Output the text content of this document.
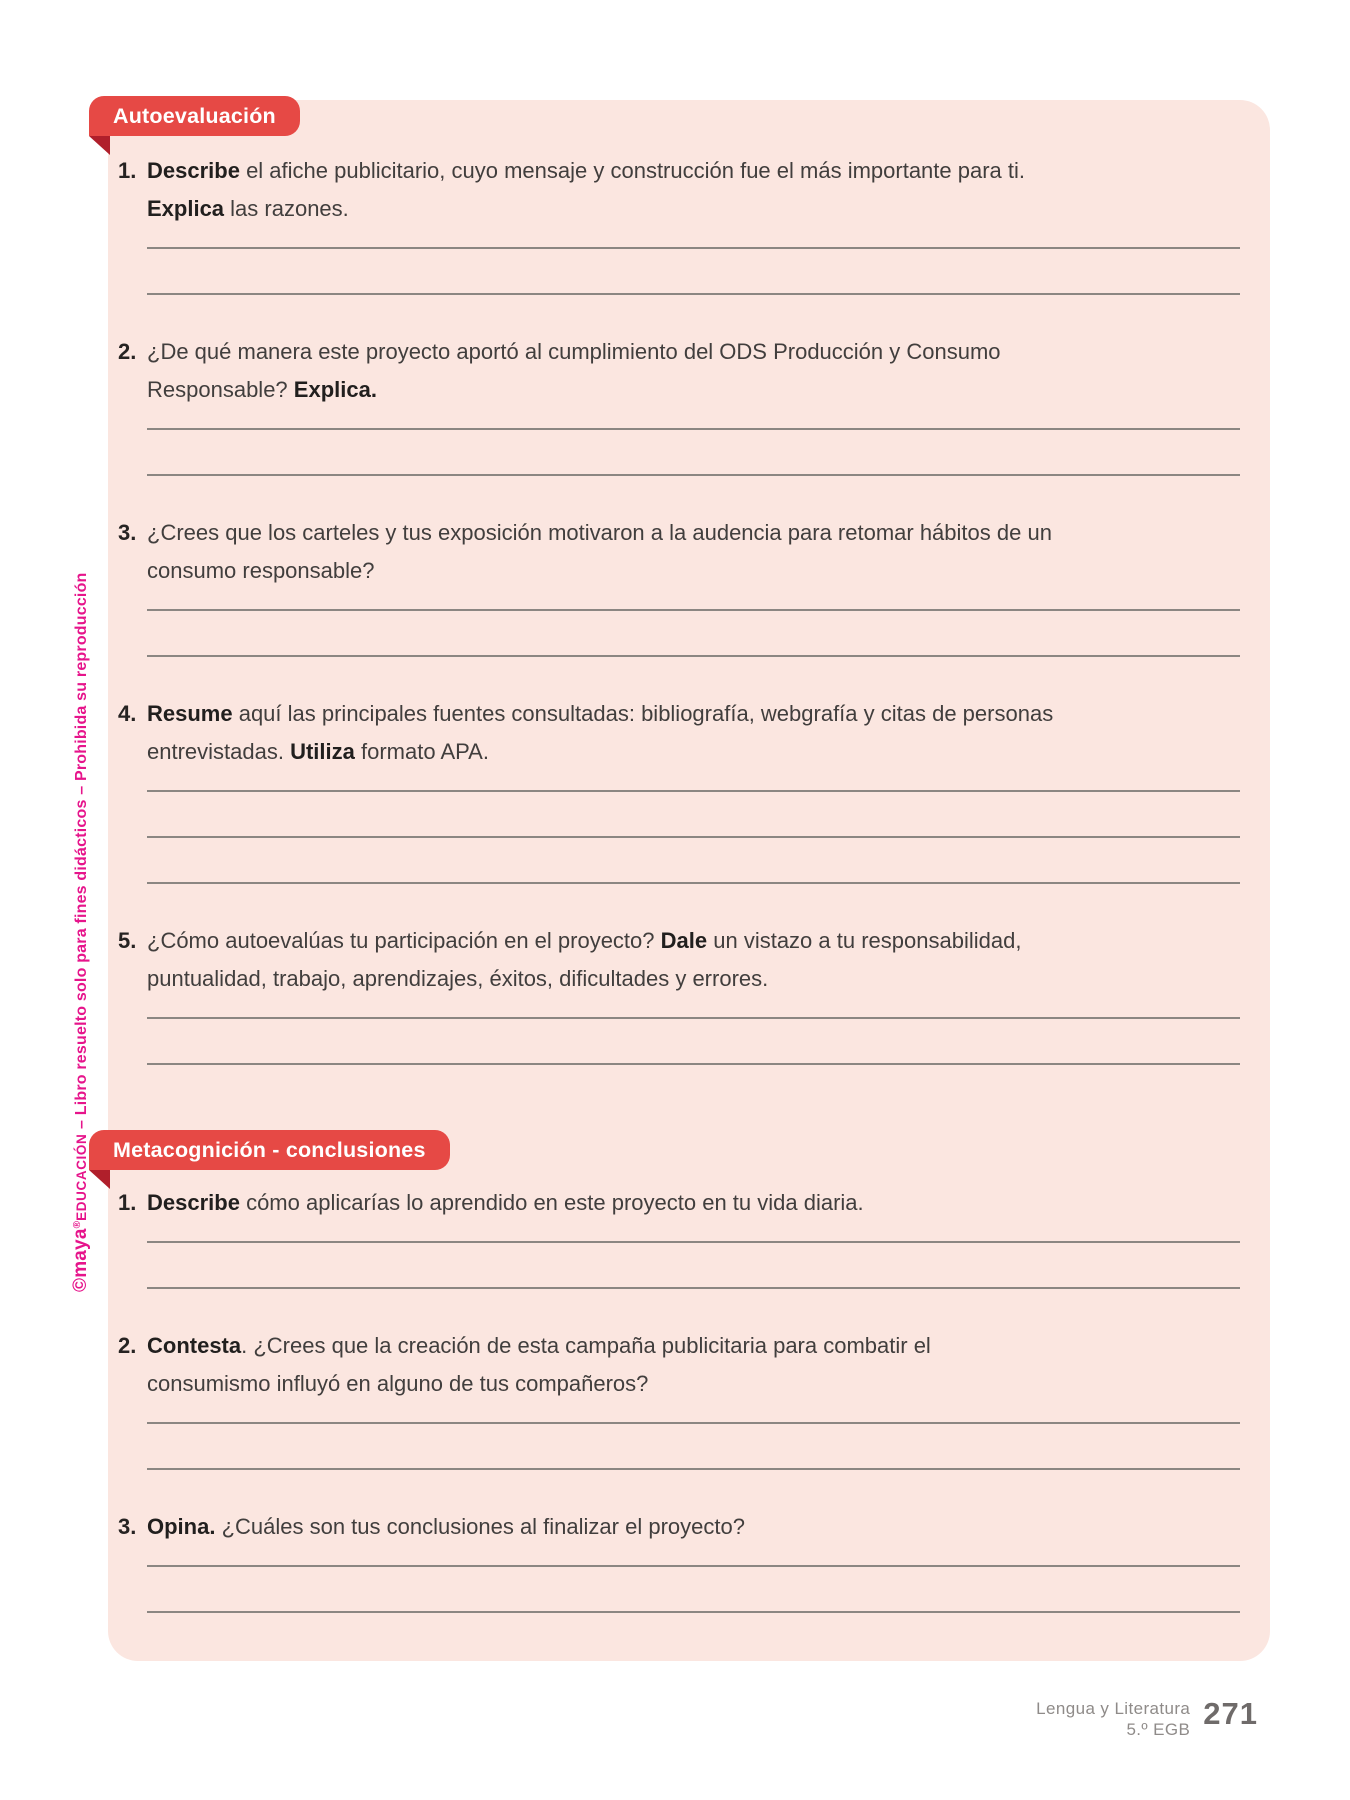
©maya®EDUCACIÓN – Libro resuelto solo para fines didácticos – Prohibida su reproducción
Autoevaluación
1. Describe el afiche publicitario, cuyo mensaje y construcción fue el más importante para ti.
Explica las razones.
2. ¿De qué manera este proyecto aportó al cumplimiento del ODS Producción y Consumo
Responsable? Explica.
3. ¿Crees que los carteles y tus exposición motivaron a la audencia para retomar hábitos de un
consumo responsable?
4. Resume aquí las principales fuentes consultadas: bibliografía, webgrafía y citas de personas
entrevistadas. Utiliza formato APA.
5. ¿Cómo autoevalúas tu participación en el proyecto? Dale un vistazo a tu responsabilidad,
puntualidad, trabajo, aprendizajes, éxitos, dificultades y errores.
Metacognición - conclusiones
1. Describe cómo aplicarías lo aprendido en este proyecto en tu vida diaria.
2. Contesta. ¿Crees que la creación de esta campaña publicitaria para combatir el
consumismo influyó en alguno de tus compañeros?
3. Opina. ¿Cuáles son tus conclusiones al finalizar el proyecto?
Lengua y Literatura
5.º EGB 271
